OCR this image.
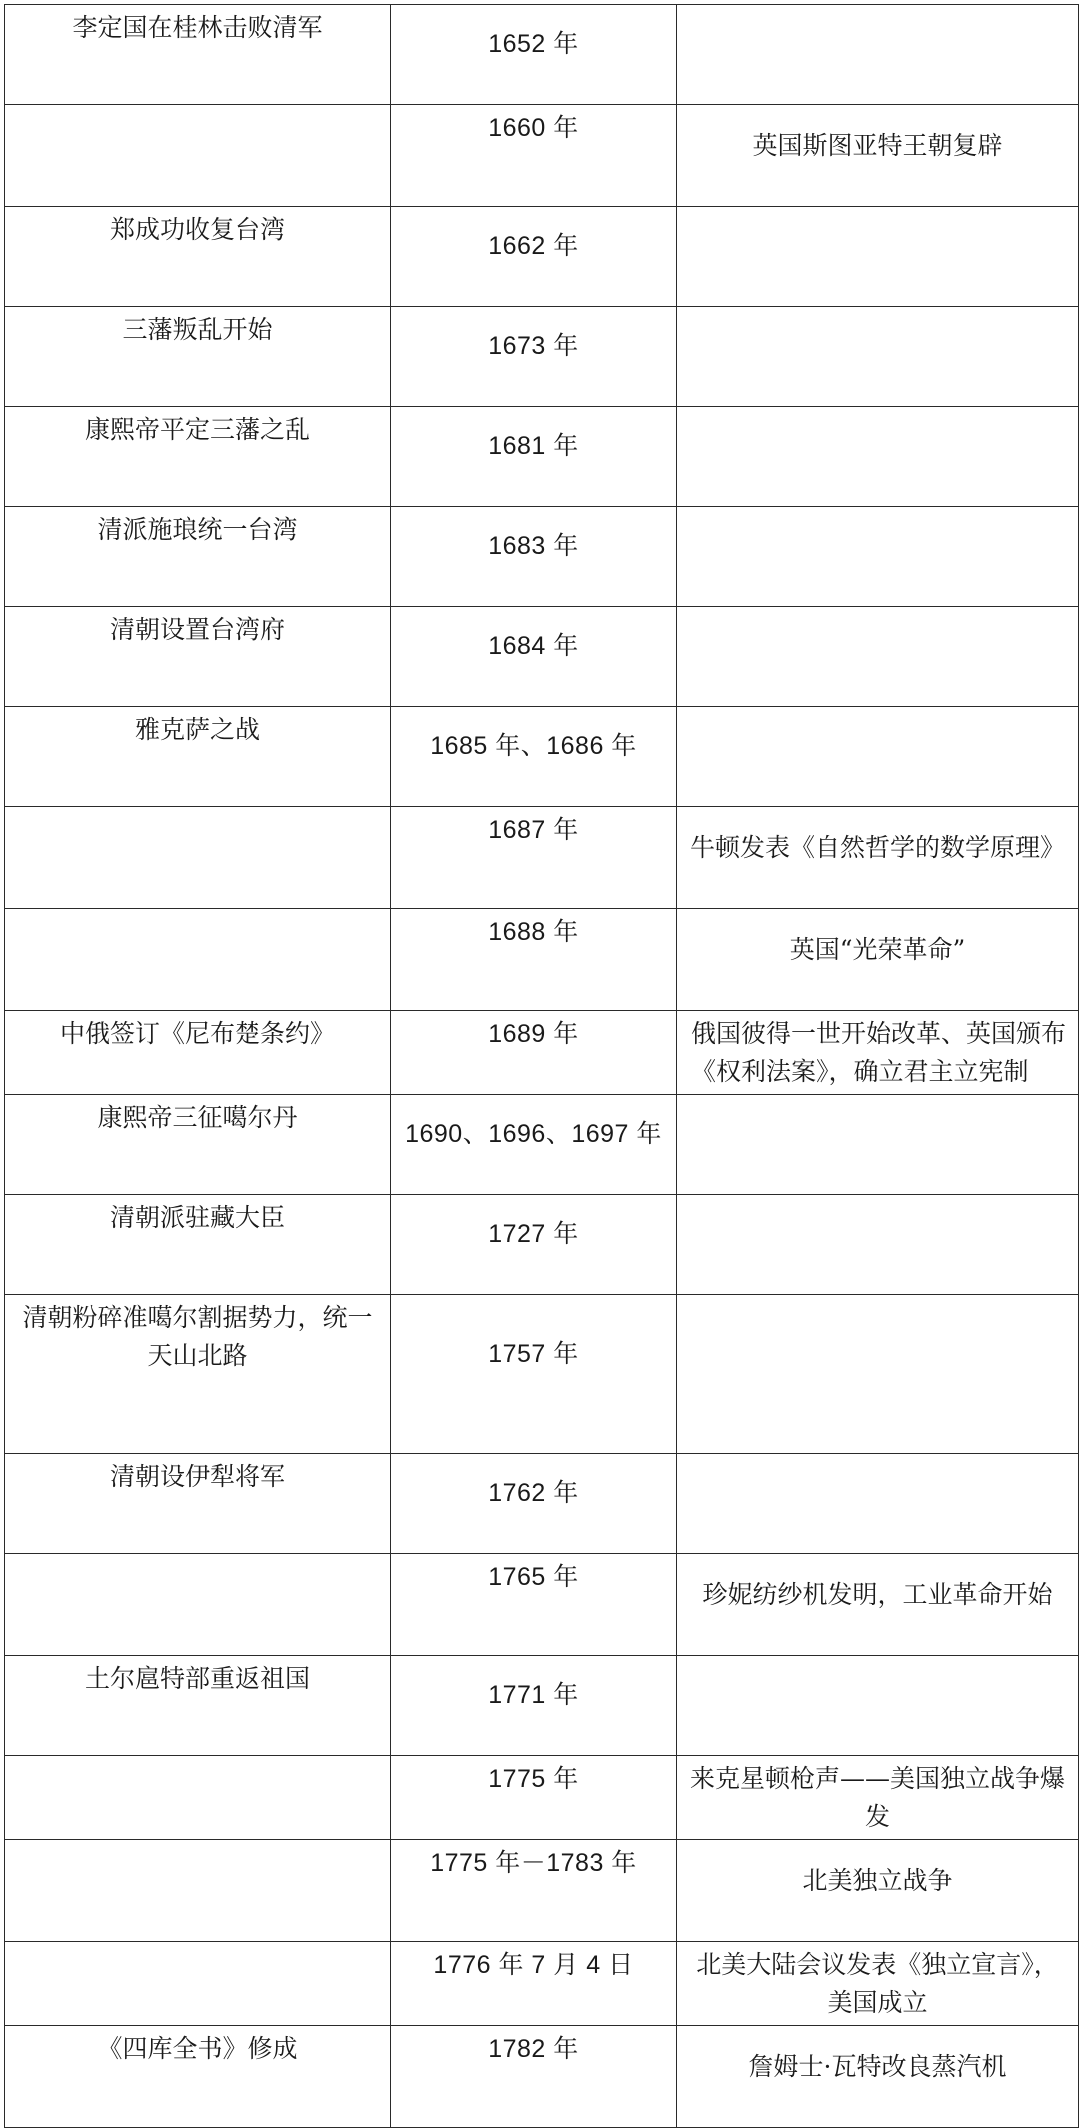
李定国在桂林击败清军	1652 年	
	1660 年	英国斯图亚特王朝复辟
郑成功收复台湾	1662 年	
三藩叛乱开始	1673 年	
康熙帝平定三藩之乱	1681 年	
清派施琅统一台湾	1683 年	
清朝设置台湾府	1684 年	
雅克萨之战	1685 年、1686 年	
	1687 年	牛顿发表《自然哲学的数学原理》
	1688 年	英国“光荣革命”
中俄签订《尼布楚条约》	1689 年	俄国彼得一世开始改革、英国颁布《权利法案》，确立君主立宪制
康熙帝三征噶尔丹	1690、1696、1697 年	
清朝派驻藏大臣	1727 年	
清朝粉碎准噶尔割据势力，统一天山北路	1757 年	
清朝设伊犁将军	1762 年	
	1765 年	珍妮纺纱机发明，工业革命开始
土尔扈特部重返祖国	1771 年	
	1775 年	来克星顿枪声——美国独立战争爆发
	1775 年－1783 年	北美独立战争
	1776 年 7 月 4 日	北美大陆会议发表《独立宣言》，美国成立
《四库全书》修成	1782 年	詹姆士·瓦特改良蒸汽机
